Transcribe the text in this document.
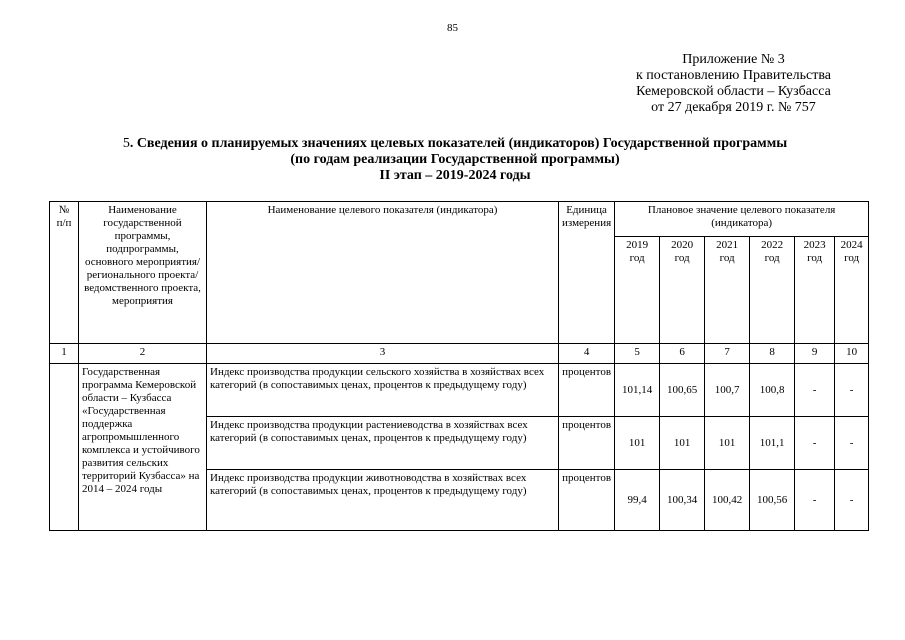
85
Приложение № 3
к постановлению Правительства
Кемеровской области – Кузбасса
от 27 декабря 2019 г. № 757
5. Сведения о планируемых значениях целевых показателей (индикаторов) Государственной программы
(по годам реализации Государственной программы)
II этап – 2019-2024 годы
№ п/п	Наименование государственной программы, подпрограммы, основного мероприятия/регионального проекта/ведомственного проекта, мероприятия	Наименование целевого показателя (индикатора)	Единица измерения	Плановое значение целевого показателя (индикатора)					
				2019 год	2020 год	2021 год	2022 год	2023 год	2024 год
1	2	3	4	5	6	7	8	9	10
	Государственная программа Кемеровской области – Кузбасса «Государственная поддержка агропромышленного комплекса и устойчивого развития сельских территорий Кузбасса» на 2014 – 2024 годы	Индекс производства продукции сельского хозяйства в хозяйствах всех категорий (в сопоставимых ценах, процентов к предыдущему году)	процентов	101,14	100,65	100,7	100,8	-	-
		Индекс производства продукции растениеводства в хозяйствах всех категорий (в сопоставимых ценах, процентов к предыдущему году)	процентов	101	101	101	101,1	-	-
		Индекс производства продукции животноводства в хозяйствах всех категорий (в сопоставимых ценах, процентов к предыдущему году)	процентов	99,4	100,34	100,42	100,56	-	-
